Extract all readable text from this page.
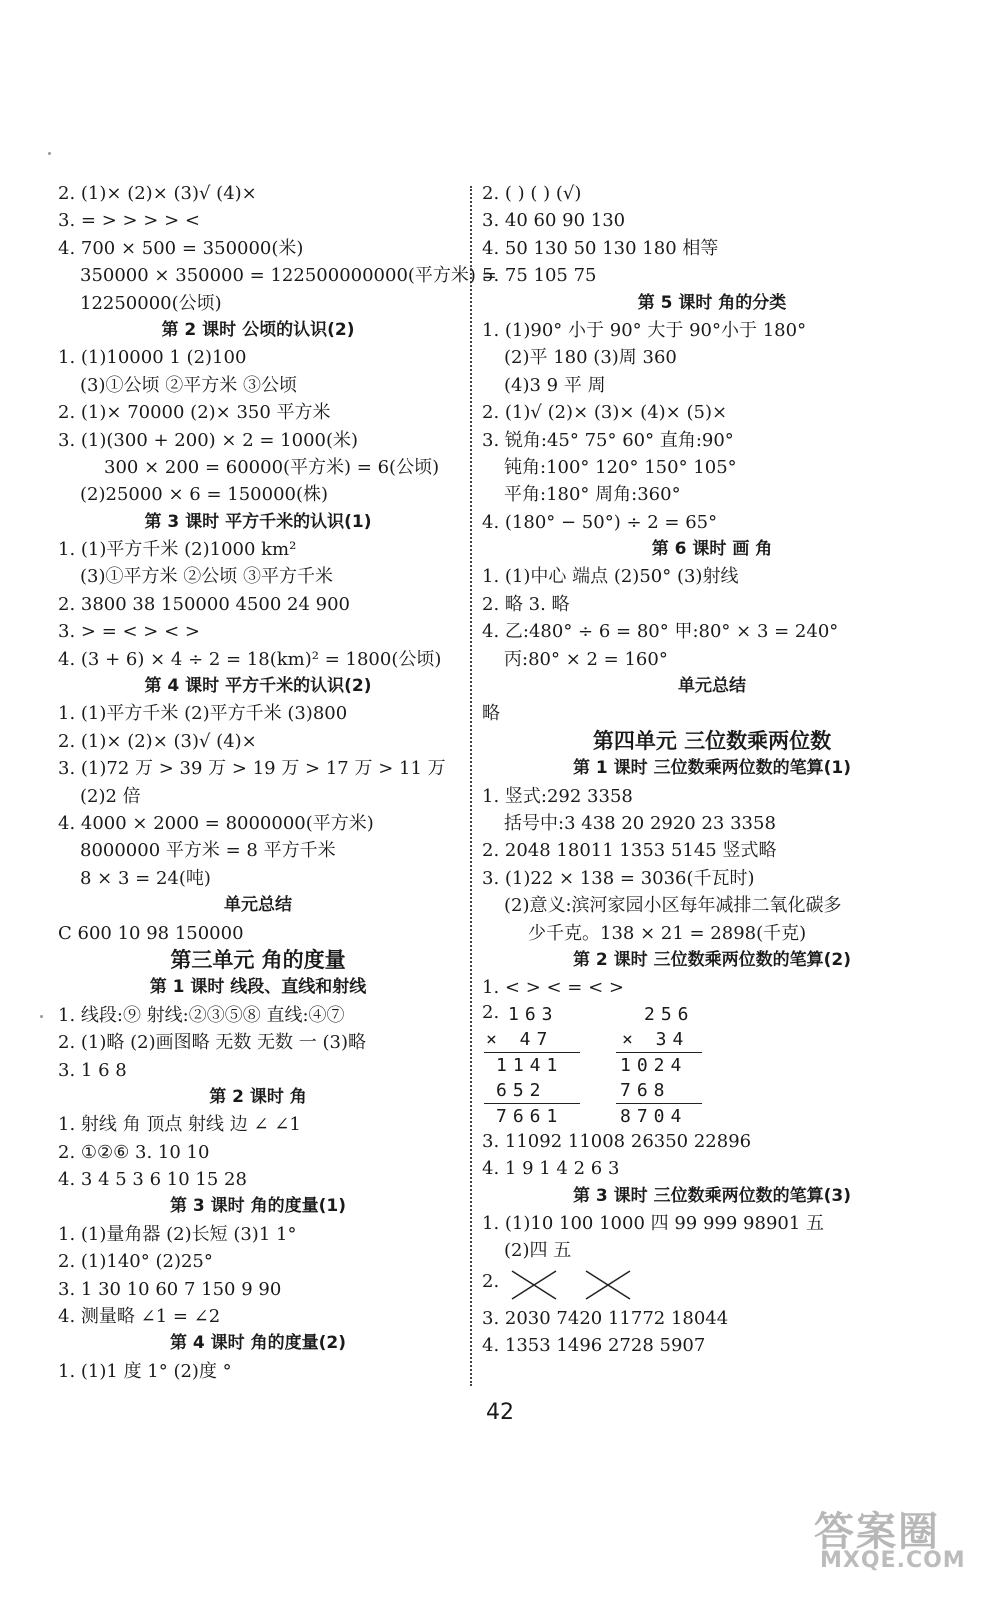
2. (1)× (2)× (3)√ (4)×
3. = > > > > <
4. 700 × 500 = 350000(米)
350000 × 350000 = 122500000000(平方米) =
12250000(公顷)
第 2 课时 公顷的认识(2)
1. (1)10000 1 (2)100
(3)①公顷 ②平方米 ③公顷
2. (1)× 70000 (2)× 350 平方米
3. (1)(300 + 200) × 2 = 1000(米)
300 × 200 = 60000(平方米) = 6(公顷)
(2)25000 × 6 = 150000(株)
第 3 课时 平方千米的认识(1)
1. (1)平方千米 (2)1000 km²
(3)①平方米 ②公顷 ③平方千米
2. 3800 38 150000 4500 24 900
3. > = < > < >
4. (3 + 6) × 4 ÷ 2 = 18(km)² = 1800(公顷)
第 4 课时 平方千米的认识(2)
1. (1)平方千米 (2)平方千米 (3)800
2. (1)× (2)× (3)√ (4)×
3. (1)72 万 > 39 万 > 19 万 > 17 万 > 11 万
(2)2 倍
4. 4000 × 2000 = 8000000(平方米)
8000000 平方米 = 8 平方千米
8 × 3 = 24(吨)
单元总结
C 600 10 98 150000
第三单元 角的度量
第 1 课时 线段、直线和射线
1. 线段:⑨ 射线:②③⑤⑧ 直线:④⑦
2. (1)略 (2)画图略 无数 无数 一 (3)略
3. 1 6 8
第 2 课时 角
1. 射线 角 顶点 射线 边 ∠ ∠1
2. ①②⑥ 3. 10 10
4. 3 4 5 3 6 10 15 28
第 3 课时 角的度量(1)
1. (1)量角器 (2)长短 (3)1 1°
2. (1)140° (2)25°
3. 1 30 10 60 7 150 9 90
4. 测量略 ∠1 = ∠2
第 4 课时 角的度量(2)
1. (1)1 度 1° (2)度 °
2. ( ) ( ) (√)
3. 40 60 90 130
4. 50 130 50 130 180 相等
5. 75 105 75
第 5 课时 角的分类
1. (1)90° 小于 90° 大于 90°小于 180°
(2)平 180 (3)周 360
(4)3 9 平 周
2. (1)√ (2)× (3)× (4)× (5)×
3. 锐角:45° 75° 60° 直角:90°
钝角:100° 120° 150° 105°
平角:180° 周角:360°
4. (180° − 50°) ÷ 2 = 65°
第 6 课时 画 角
1. (1)中心 端点 (2)50° (3)射线
2. 略 3. 略
4. 乙:480° ÷ 6 = 80° 甲:80° × 3 = 240°
丙:80° × 2 = 160°
单元总结
略
第四单元 三位数乘两位数
第 1 课时 三位数乘两位数的笔算(1)
1. 竖式:292 3358
括号中:3 438 20 2920 23 3358
2. 2048 18011 1353 5145 竖式略
3. (1)22 × 138 = 3036(千瓦时)
(2)意义:滨河家园小区每年减排二氧化碳多
少千克。138 × 21 = 2898(千克)
第 2 课时 三位数乘两位数的笔算(2)
1. < > < = < >
2. 163
× 47
1141
652
7661
256
× 34
1024
768
8704
3. 11092 11008 26350 22896
4. 1 9 1 4 2 6 3
第 3 课时 三位数乘两位数的笔算(3)
1. (1)10 100 1000 四 99 999 98901 五
(2)四 五
2.
3. 2030 7420 11772 18044
4. 1353 1496 2728 5907
42
答案圈
MXQE.COM
